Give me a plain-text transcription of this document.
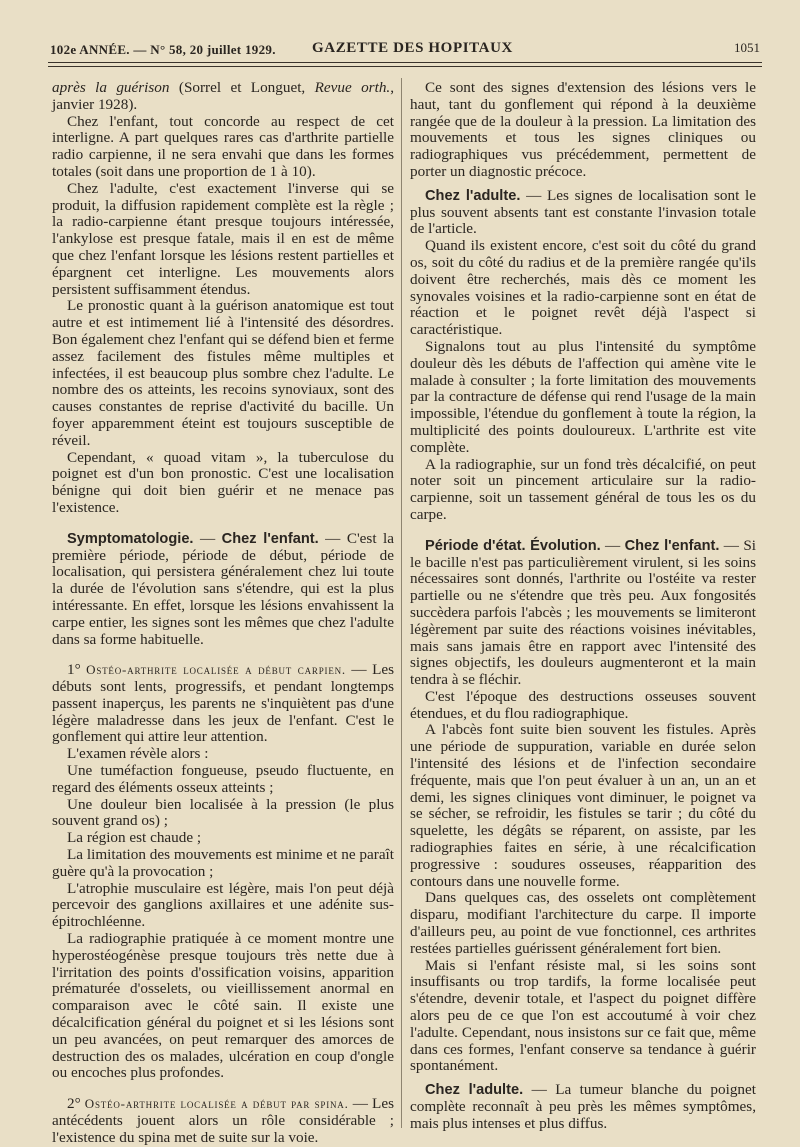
102e ANNÉE. — N° 58, 20 juillet 1929. GAZETTE DES HOPITAUX	1051

après la guérison (Sorrel et Longuet, Revue orth., janvier 1928).

Chez l'enfant, tout concorde au respect de cet interligne. A part quelques rares cas d'arthrite partielle radio carpienne, il ne sera envahi que dans les formes totales (soit dans une proportion de 1 à 10).

Chez l'adulte, c'est exactement l'inverse qui se produit, la diffusion rapidement complète est la règle ; la radio-carpienne étant presque toujours intéressée, l'ankylose est presque fatale, mais il en est de même que chez l'enfant lorsque les lésions restent partielles et épargnent cet interligne. Les mouvements alors persistent suffisamment étendus.

Le pronostic quant à la guérison anatomique est tout autre et est intimement lié à l'intensité des désordres. Bon également chez l'enfant qui se défend bien et ferme assez facilement des fistules même multiples et infectées, il est beaucoup plus sombre chez l'adulte. Le nombre des os atteints, les recoins synoviaux, sont des causes constantes de reprise d'activité du bacille. Un foyer apparemment éteint est toujours susceptible de réveil.

Cependant, « quoad vitam », la tuberculose du poignet est d'un bon pronostic. C'est une localisation bénigne qui doit bien guérir et ne menace pas l'existence.

Symptomatologie. — Chez l'enfant. — C'est la première période, période de début, période de localisation, qui persistera généralement chez lui toute la durée de l'évolution sans s'étendre, qui est la plus intéressante. En effet, lorsque les lésions envahissent la carpe entier, les signes sont les mêmes que chez l'adulte dans sa forme habituelle.

1° Ostéo-arthrite localisée a début carpien. — Les débuts sont lents, progressifs, et pendant longtemps passent inaperçus, les parents ne s'inquiètent pas d'une légère maladresse dans les jeux de l'enfant. C'est le gonflement qui attire leur attention.

L'examen révèle alors :

Une tuméfaction fongueuse, pseudo fluctuente, en regard des éléments osseux atteints ;

Une douleur bien localisée à la pression (le plus souvent grand os) ;

La région est chaude ;

La limitation des mouvements est minime et ne paraît guère qu'à la provocation ;

L'atrophie musculaire est légère, mais l'on peut déjà percevoir des ganglions axillaires et une adénite sus-épitrochléenne.

La radiographie pratiquée à ce moment montre une hyperostéogénèse presque toujours très nette due à l'irritation des points d'ossification voisins, apparition prématurée d'osselets, ou vieillissement anormal en comparaison avec le côté sain. Il existe une décalcification général du poignet et si les lésions sont un peu avancées, on peut remarquer des amorces de destruction des os malades, ulcération en coup d'ongle ou encoches plus profondes.

2° Ostéo-arthrite localisée a début par spina. — Les antécédents jouent alors un rôle considérable ; l'existence du spina met de suite sur la voie.

Ce sont des signes d'extension des lésions vers le haut, tant du gonflement qui répond à la deuxième rangée que de la douleur à la pression. La limitation des mouvements et tous les signes cliniques ou radiographiques vus précédemment, permettent de porter un diagnostic précoce.

Chez l'adulte. — Les signes de localisation sont le plus souvent absents tant est constante l'invasion totale de l'article.

Quand ils existent encore, c'est soit du côté du grand os, soit du côté du radius et de la première rangée qu'ils doivent être recherchés, mais dès ce moment les synovales voisines et la radio-carpienne sont en état de réaction et le poignet revêt déjà l'aspect si caractéristique.

Signalons tout au plus l'intensité du symptôme douleur dès les débuts de l'affection qui amène vite le malade à consulter ; la forte limitation des mouvements par la contracture de défense qui rend l'usage de la main impossible, l'étendue du gonflement à toute la région, la multiplicité des points douloureux. L'arthrite est vite complète.

A la radiographie, sur un fond très décalcifié, on peut noter soit un pincement articulaire sur la radio-carpienne, soit un tassement général de tous les os du carpe.

Période d'état. Évolution. — Chez l'enfant. — Si le bacille n'est pas particulièrement virulent, si les soins nécessaires sont donnés, l'arthrite ou l'ostéite va rester partielle ou ne s'étendre que très peu. Aux fongosités succèdera parfois l'abcès ; les mouvements se limiteront légèrement par suite des réactions voisines inévitables, mais sans jamais être en rapport avec l'intensité des signes objectifs, les douleurs augmenteront et la main tendra à se fléchir.

C'est l'époque des destructions osseuses souvent étendues, et du flou radiographique.

A l'abcès font suite bien souvent les fistules. Après une période de suppuration, variable en durée selon l'intensité des lésions et de l'infection secondaire fréquente, mais que l'on peut évaluer à un an, un an et demi, les signes cliniques vont diminuer, le poignet va se sécher, se refroidir, les fistules se tarir ; du côté du squelette, les dégâts se réparent, on assiste, par les radiographies faites en série, à une récalcification progressive : soudures osseuses, réapparition des contours dans une nouvelle forme.

Dans quelques cas, des osselets ont complètement disparu, modifiant l'architecture du carpe. Il importe d'ailleurs peu, au point de vue fonctionnel, ces arthrites restées partielles guérissent généralement fort bien.

Mais si l'enfant résiste mal, si les soins sont insuffisants ou trop tardifs, la forme localisée peut s'étendre, devenir totale, et l'aspect du poignet diffère alors peu de ce que l'on est accoutumé à voir chez l'adulte. Cependant, nous insistons sur ce fait que, même dans ces formes, l'enfant conserve sa tendance à guérir spontanément.

Chez l'adulte. — La tumeur blanche du poignet complète reconnaît à peu près les mêmes symptômes, mais plus intenses et plus diffus.
